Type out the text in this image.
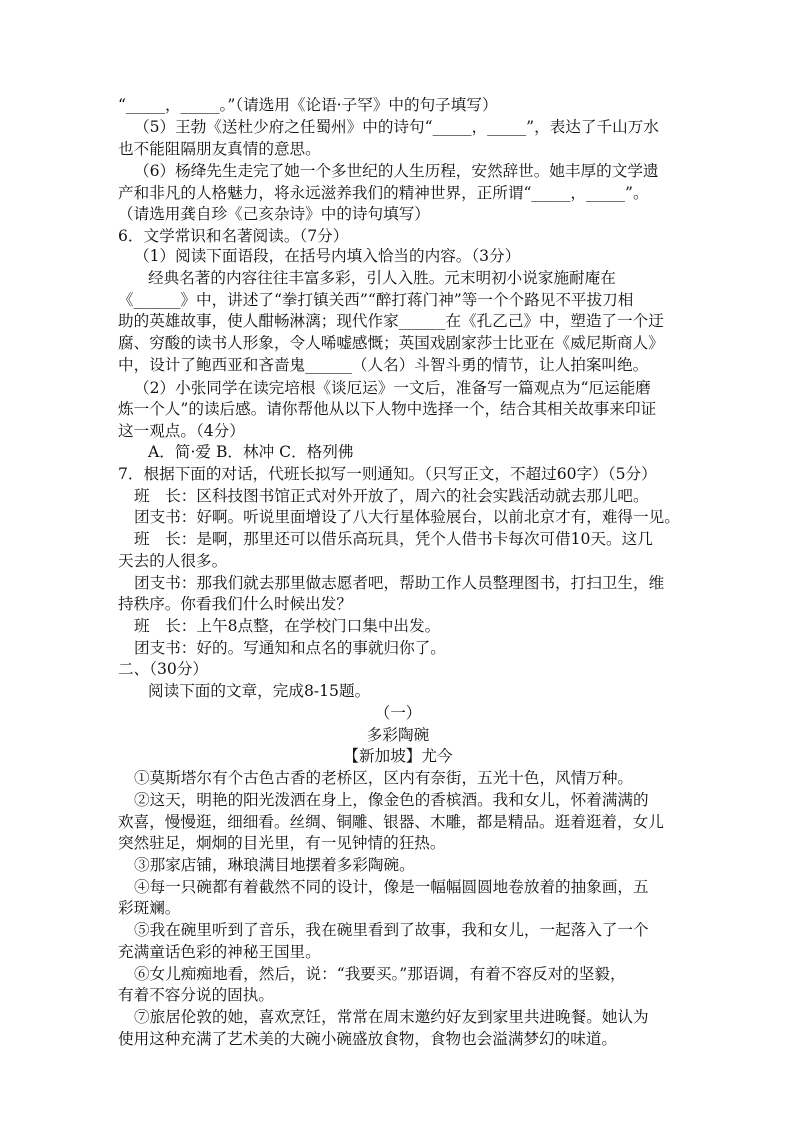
“_____，_____。”（请选用《论语·子罕》中的句子填写）
（5）王勃《送杜少府之任蜀州》中的诗句“_____，_____”，表达了千山万水
也不能阻隔朋友真情的意思。
（6）杨绛先生走完了她一个多世纪的人生历程，安然辞世。她丰厚的文学遗
产和非凡的人格魅力，将永远滋养我们的精神世界，正所谓“_____，_____”。
（请选用龚自珍《己亥杂诗》中的诗句填写）
6．文学常识和名著阅读。（7分）
（1）阅读下面语段，在括号内填入恰当的内容。（3分）
经典名著的内容往往丰富多彩，引人入胜。元末明初小说家施耐庵在
《______》中，讲述了“拳打镇关西”“醉打蒋门神”等一个个路见不平拔刀相
助的英雄故事，使人酣畅淋漓；现代作家______在《孔乙己》中，塑造了一个迂
腐、穷酸的读书人形象，令人唏嘘感慨；英国戏剧家莎士比亚在《威尼斯商人》
中，设计了鲍西亚和吝啬鬼______（人名）斗智斗勇的情节，让人拍案叫绝。
（2）小张同学在读完培根《谈厄运》一文后，准备写一篇观点为“厄运能磨
炼一个人”的读后感。请你帮他从以下人物中选择一个，结合其相关故事来印证
这一观点。（4分）
A．简·爱 B．林冲 C．格列佛
7．根据下面的对话，代班长拟写一则通知。（只写正文，不超过60字）（5分）
班　长：区科技图书馆正式对外开放了，周六的社会实践活动就去那儿吧。
团支书：好啊。听说里面增设了八大行星体验展台，以前北京才有，难得一见。
班　长：是啊，那里还可以借乐高玩具，凭个人借书卡每次可借10天。这几
天去的人很多。
团支书：那我们就去那里做志愿者吧，帮助工作人员整理图书，打扫卫生，维
持秩序。你看我们什么时候出发？
班　长：上午8点整，在学校门口集中出发。
团支书：好的。写通知和点名的事就归你了。
二、（30分）
阅读下面的文章，完成8-15题。
（一）
多彩陶碗
【新加坡】尤今
①莫斯塔尔有个古色古香的老桥区，区内有奈街，五光十色，风情万种。
②这天，明艳的阳光泼洒在身上，像金色的香槟酒。我和女儿，怀着满满的
欢喜，慢慢逛，细细看。丝绸、铜雕、银器、木雕，都是精品。逛着逛着，女儿
突然驻足，炯炯的目光里，有一见钟情的狂热。
③那家店铺，琳琅满目地摆着多彩陶碗。
④每一只碗都有着截然不同的设计，像是一幅幅圆圆地卷放着的抽象画，五
彩斑斓。
⑤我在碗里听到了音乐，我在碗里看到了故事，我和女儿，一起落入了一个
充满童话色彩的神秘王国里。
⑥女儿痴痴地看，然后，说：“我要买。”那语调，有着不容反对的坚毅，
有着不容分说的固执。
⑦旅居伦敦的她，喜欢烹饪，常常在周末邀约好友到家里共进晚餐。她认为
使用这种充满了艺术美的大碗小碗盛放食物，食物也会溢满梦幻的味道。
